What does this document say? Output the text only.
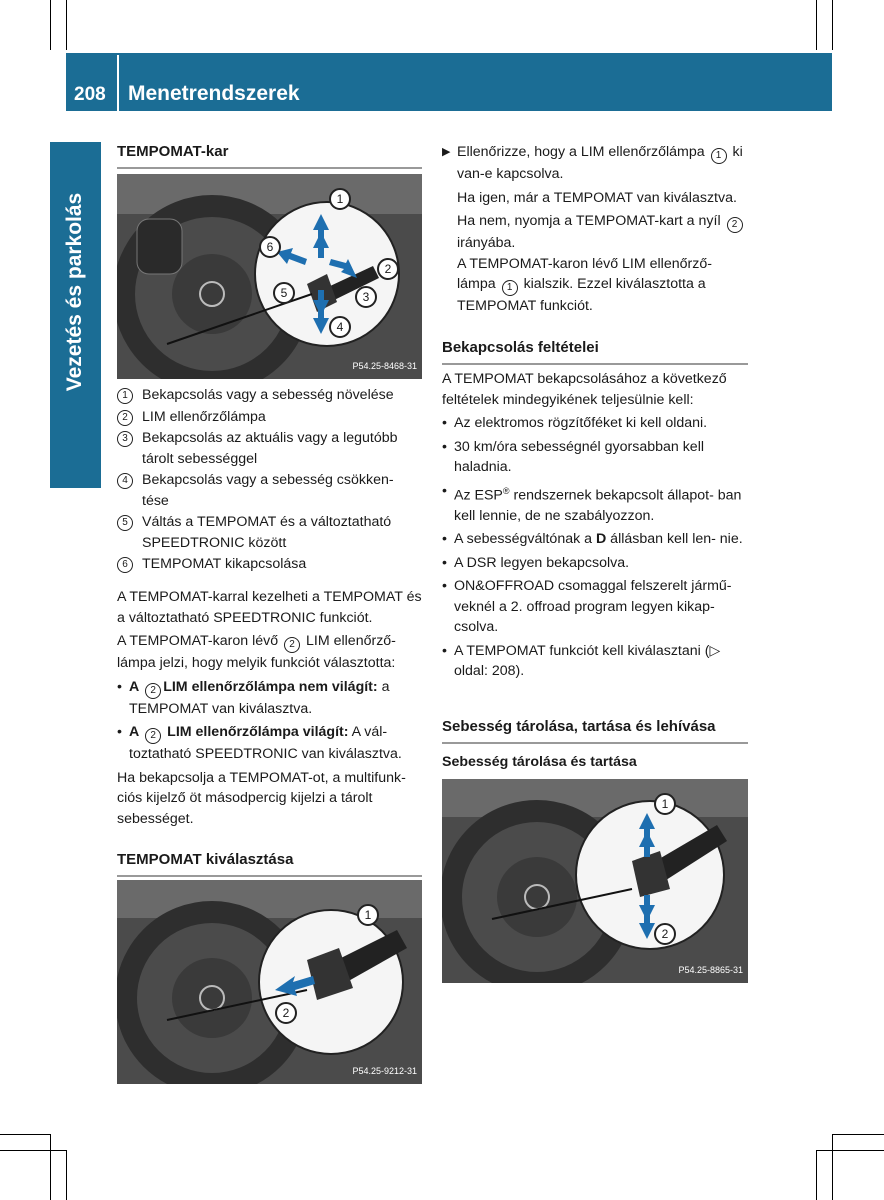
208 Menetrendszerek
Vezetés és parkolás
TEMPOMAT-kar
1
2
3
4
5
6
P54.25-8468-31
1	Bekapcsolás vagy a sebesség növelése
2	LIM ellenőrzőlámpa
3	Bekapcsolás az aktuális vagy a legutóbb tárolt sebességgel
4	Bekapcsolás vagy a sebesség csökken- tése
5	Váltás a TEMPOMAT és a változtatható SPEEDTRONIC között
6	TEMPOMAT kikapcsolása

A TEMPOMAT-karral kezelheti a TEMPOMAT és a változtatható SPEEDTRONIC funkciót.

A TEMPOMAT-karon lévő 2 LIM ellenőrző- lámpa jelzi, hogy melyik funkciót választotta:

• A 2 LIM ellenőrzőlámpa nem világít: a TEMPOMAT van kiválasztva.
• A 2 LIM ellenőrzőlámpa világít: A vál- toztatható SPEEDTRONIC van kiválasztva.

Ha bekapcsolja a TEMPOMAT-ot, a multifunk- ciós kijelző öt másodpercig kijelzi a tárolt sebességet.

TEMPOMAT kiválasztása
1
2
P54.25-9212-31
▶ Ellenőrizze, hogy a LIM ellenőrzőlámpa 1 ki van-e kapcsolva.

Ha igen, már a TEMPOMAT van kiválasztva.

Ha nem, nyomja a TEMPOMAT-kart a nyíl 2 irányába.

A TEMPOMAT-karon lévő LIM ellenőrző- lámpa 1 kialszik. Ezzel kiválasztotta a TEMPOMAT funkciót.

Bekapcsolás feltételei

A TEMPOMAT bekapcsolásához a következő feltételek mindegyikének teljesülnie kell:

• Az elektromos rögzítőféket ki kell oldani.
• 30 km/óra sebességnél gyorsabban kell haladnia.
• Az ESP® rendszernek bekapcsolt állapot- ban kell lennie, de ne szabályozzon.
• A sebességváltónak a D állásban kell len- nie.
• A DSR legyen bekapcsolva.
• ON&OFFROAD csomaggal felszerelt jármű- veknél a 2. offroad program legyen kikap- csolva.
• A TEMPOMAT funkciót kell kiválasztani (▷ oldal: 208).
Sebesség tárolása, tartása és lehívása
Sebesség tárolása és tartása
1
2
P54.25-8865-31
